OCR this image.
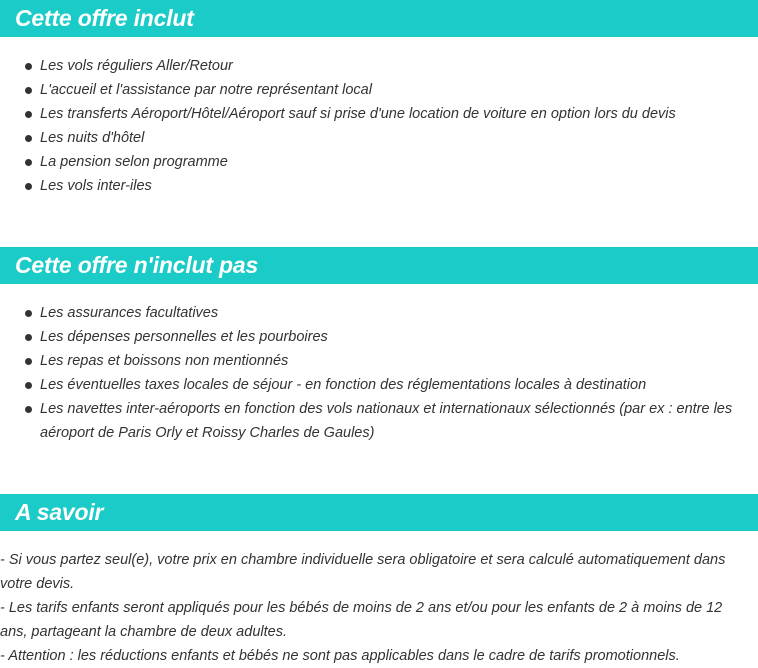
Cette offre inclut
Les vols réguliers Aller/Retour
L'accueil et l'assistance par notre représentant local
Les transferts Aéroport/Hôtel/Aéroport sauf si prise d'une location de voiture en option lors du devis
Les nuits d'hôtel
La pension selon programme
Les vols inter-iles
Cette offre n'inclut pas
Les assurances facultatives
Les dépenses personnelles et les pourboires
Les repas et boissons non mentionnés
Les éventuelles taxes locales de séjour - en fonction des réglementations locales à destination
Les navettes inter-aéroports en fonction des vols nationaux et internationaux sélectionnés (par ex : entre les aéroport de Paris Orly et Roissy Charles de Gaules)
A savoir

- Si vous partez seul(e), votre prix en chambre individuelle sera obligatoire et sera calculé automatiquement dans votre devis.

- Les tarifs enfants seront appliqués pour les bébés de moins de 2 ans et/ou pour les enfants de 2 à moins de 12 ans, partageant la chambre de deux adultes.

- Attention : les réductions enfants et bébés ne sont pas applicables dans le cadre de tarifs promotionnels.
